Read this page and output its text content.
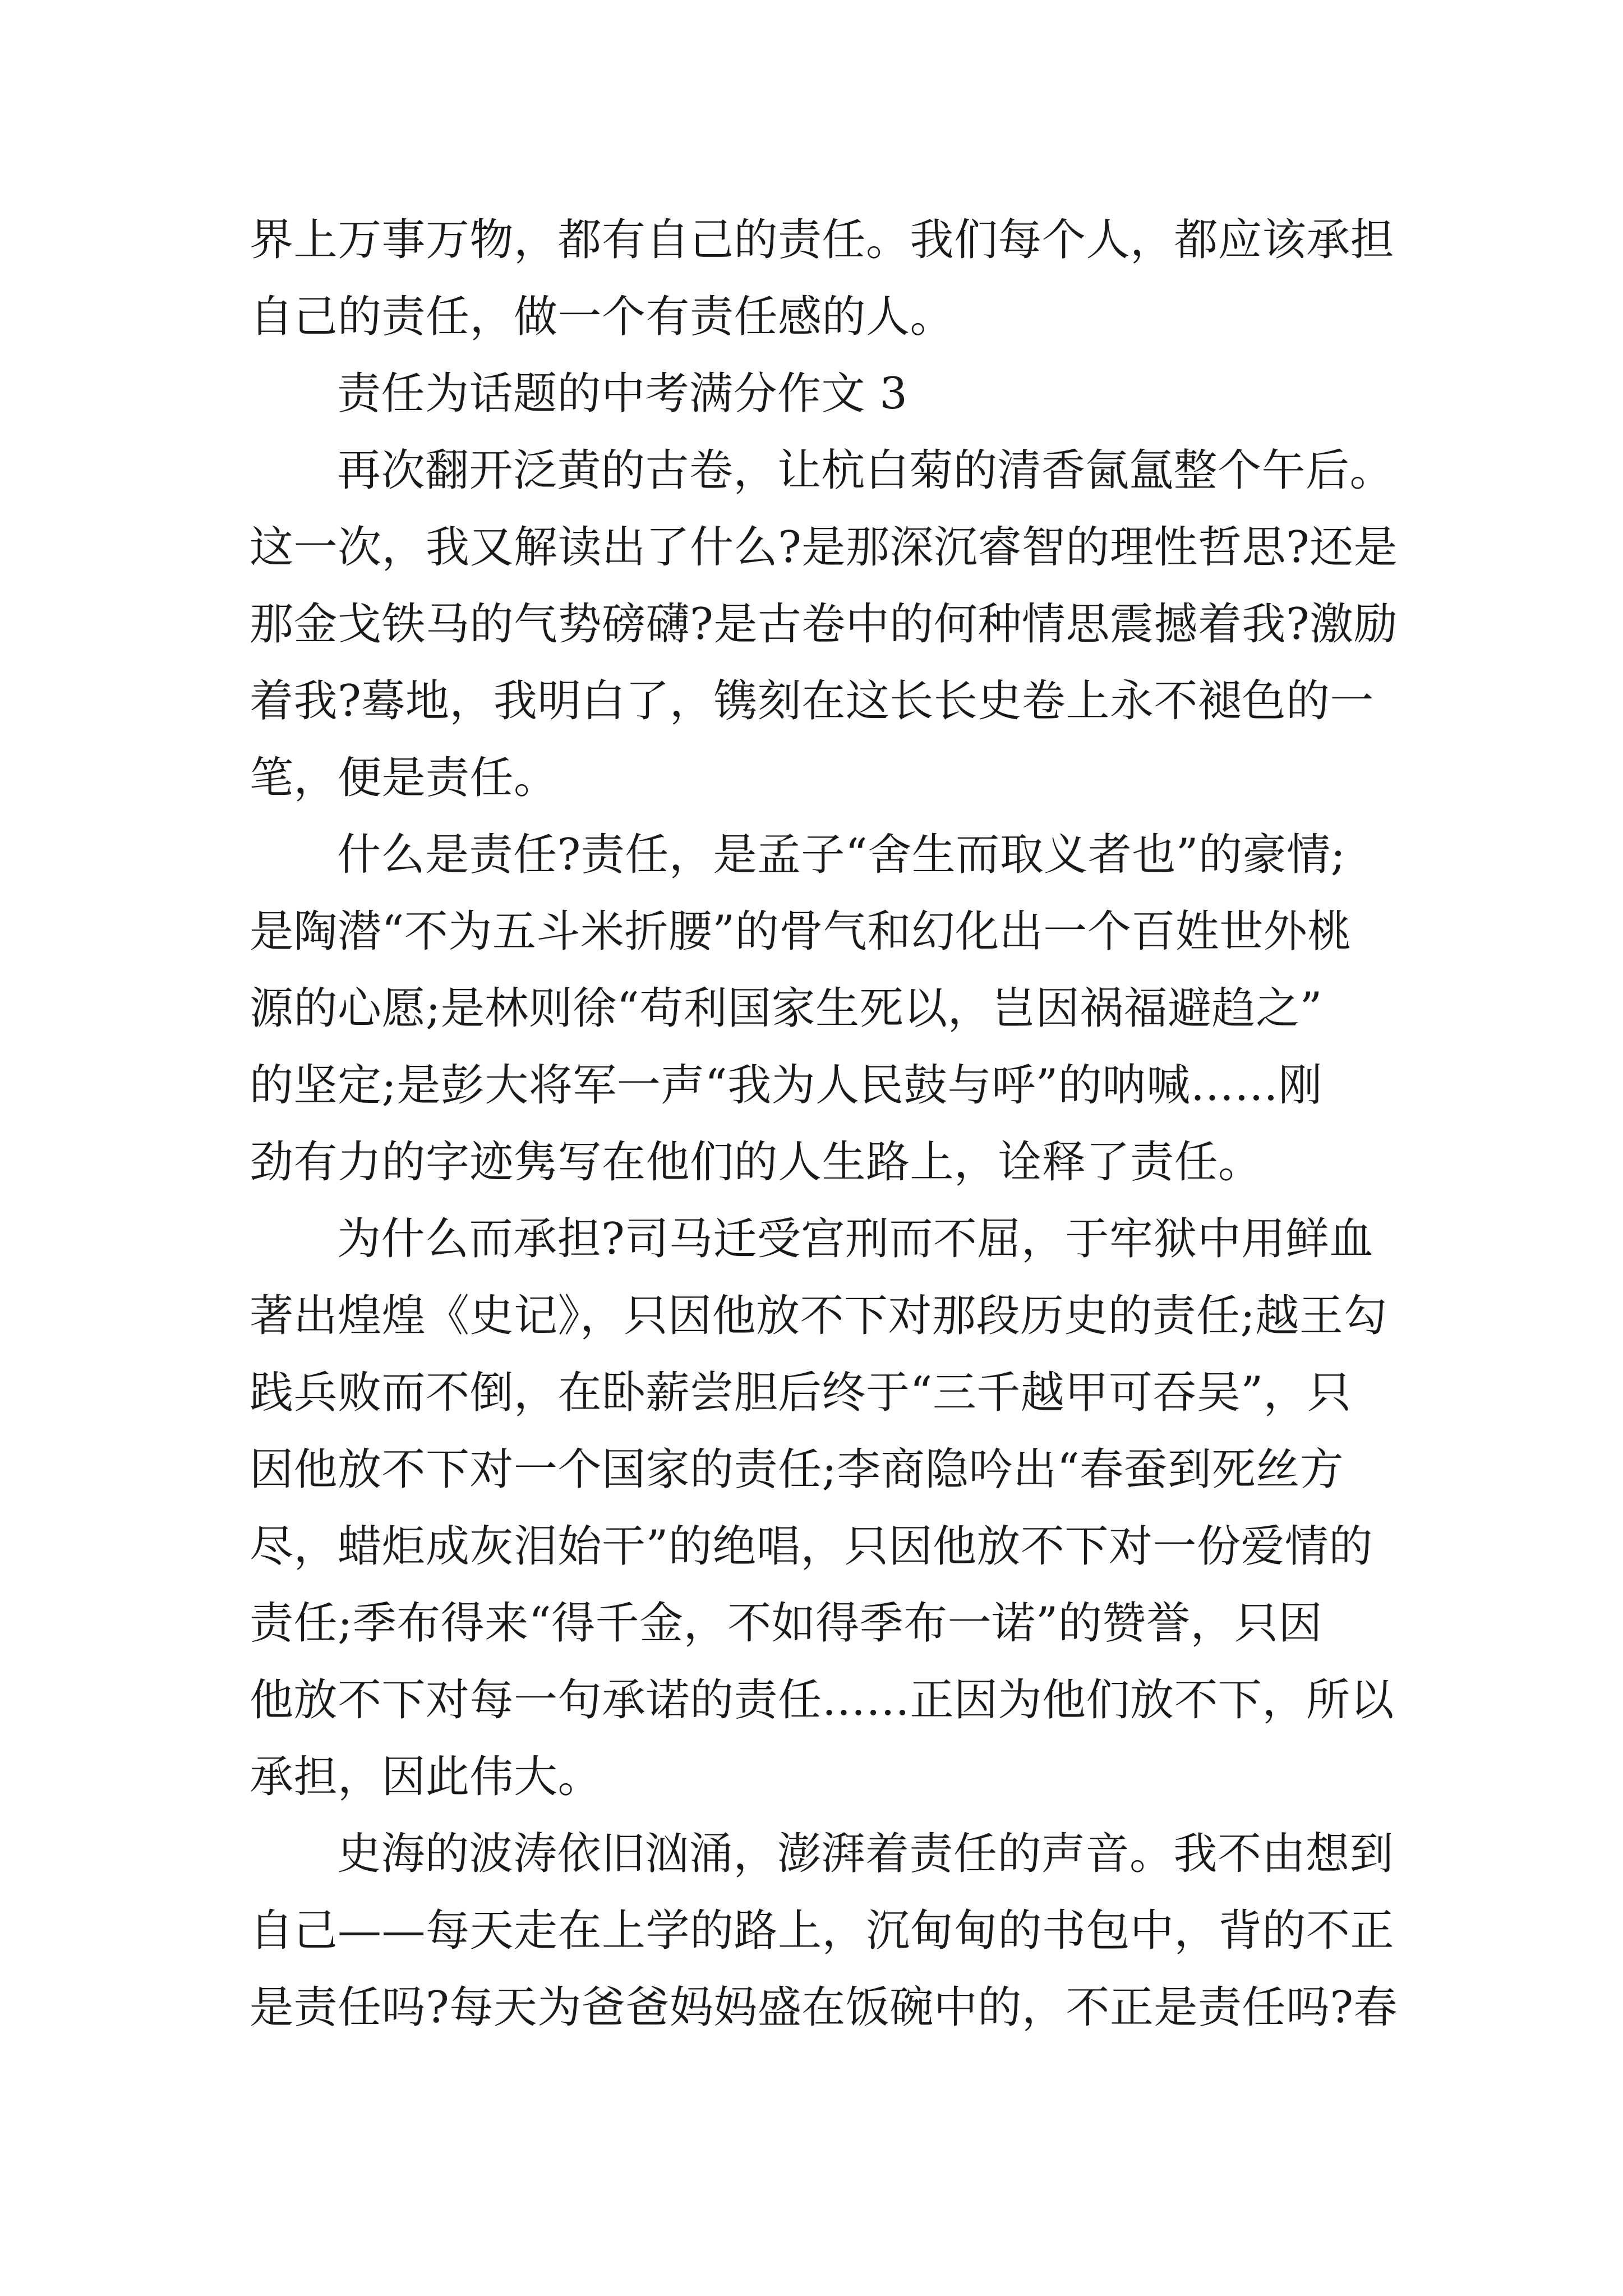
界上万事万物，都有自己的责任。我们每个人，都应该承担
自己的责任，做一个有责任感的人。
责任为话题的中考满分作文 3
再次翻开泛黄的古卷，让杭白菊的清香氤氲整个午后。
这一次，我又解读出了什么?是那深沉睿智的理性哲思?还是
那金戈铁马的气势磅礴?是古卷中的何种情思震撼着我?激励
着我?蓦地，我明白了，镌刻在这长长史卷上永不褪色的一
笔，便是责任。
什么是责任?责任，是孟子“舍生而取义者也”的豪情;
是陶潜“不为五斗米折腰”的骨气和幻化出一个百姓世外桃
源的心愿;是林则徐“苟利国家生死以，岂因祸福避趋之”
的坚定;是彭大将军一声“我为人民鼓与呼”的呐喊……刚
劲有力的字迹隽写在他们的人生路上，诠释了责任。
为什么而承担?司马迁受宫刑而不屈，于牢狱中用鲜血
著出煌煌《史记》，只因他放不下对那段历史的责任;越王勾
践兵败而不倒，在卧薪尝胆后终于“三千越甲可吞吴”，只
因他放不下对一个国家的责任;李商隐吟出“春蚕到死丝方
尽，蜡炬成灰泪始干”的绝唱，只因他放不下对一份爱情的
责任;季布得来“得千金，不如得季布一诺”的赞誉，只因
他放不下对每一句承诺的责任……正因为他们放不下，所以
承担，因此伟大。
史海的波涛依旧汹涌，澎湃着责任的声音。我不由想到
自己——每天走在上学的路上，沉甸甸的书包中，背的不正
是责任吗?每天为爸爸妈妈盛在饭碗中的，不正是责任吗?春
